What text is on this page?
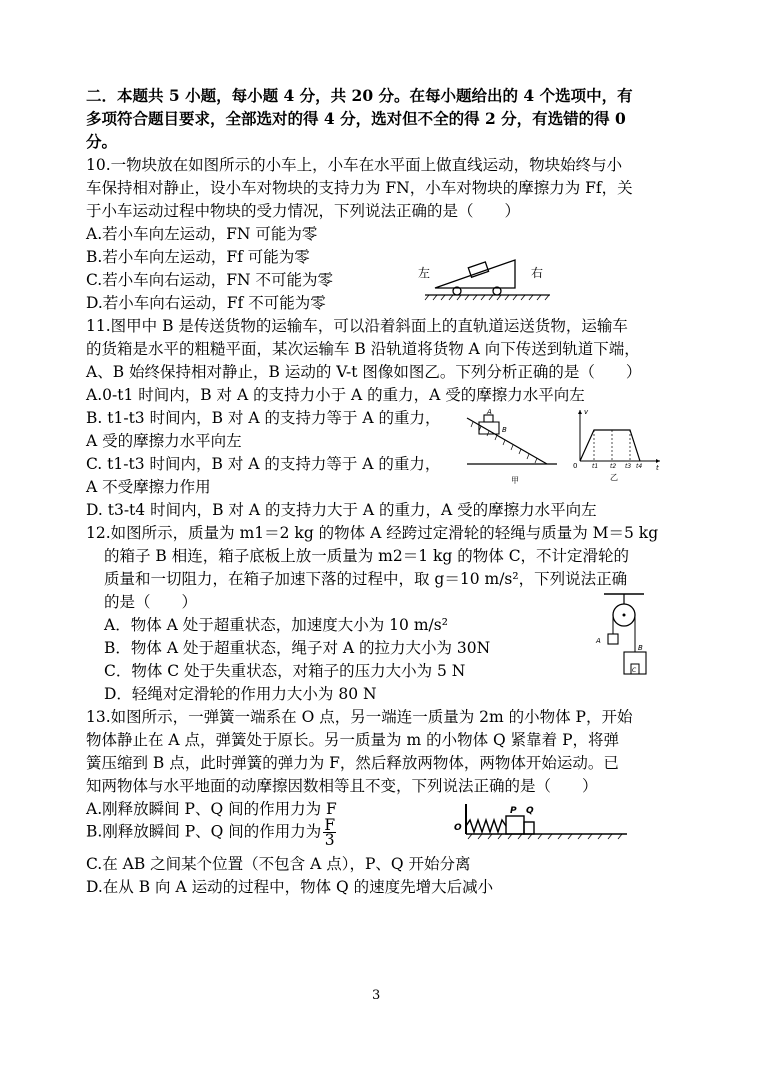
二．本题共 5 小题，每小题 4 分，共 20 分。在每小题给出的 4 个选项中，有
多项符合题目要求，全部选对的得 4 分，选对但不全的得 2 分，有选错的得 0
分。
10.一物块放在如图所示的小车上，小车在水平面上做直线运动，物块始终与小
车保持相对静止，设小车对物块的支持力为 FN，小车对物块的摩擦力为 Ff，关
于小车运动过程中物块的受力情况，下列说法正确的是（　　）
A.若小车向左运动，FN 可能为零
B.若小车向左运动，Ff 可能为零
C.若小车向右运动，FN 不可能为零
D.若小车向右运动，Ff 不可能为零
左	右
11.图甲中 B 是传送货物的运输车，可以沿着斜面上的直轨道运送货物，运输车
的货箱是水平的粗糙平面，某次运输车 B 沿轨道将货物 A 向下传送到轨道下端，
A、B 始终保持相对静止，B 运动的 V-t 图像如图乙。下列分析正确的是（　　）
A.0-t1 时间内，B 对 A 的支持力小于 A 的重力，A 受的摩擦力水平向左
B. t1-t3 时间内，B 对 A 的支持力等于 A 的重力，
A 受的摩擦力水平向左
C. t1-t3 时间内，B 对 A 的支持力等于 A 的重力，
A 不受摩擦力作用
D. t3-t4 时间内，B 对 A 的支持力大于 A 的重力，A 受的摩擦力水平向左
A
B
甲
v
t
0 t1 t2 t3 t4
乙
12.如图所示，质量为 m1＝2 kg 的物体 A 经跨过定滑轮的轻绳与质量为 M＝5 kg
的箱子 B 相连，箱子底板上放一质量为 m2＝1 kg 的物体 C，不计定滑轮的
质量和一切阻力，在箱子加速下落的过程中，取 g＝10 m/s²，下列说法正确
的是（　　）
A．物体 A 处于超重状态，加速度大小为 10 m/s²
B．物体 A 处于超重状态，绳子对 A 的拉力大小为 30N
C．物体 C 处于失重状态，对箱子的压力大小为 5 N
D．轻绳对定滑轮的作用力大小为 80 N
A
B
C
13.如图所示，一弹簧一端系在 O 点，另一端连一质量为 2m 的小物体 P，开始
物体静止在 A 点，弹簧处于原长。另一质量为 m 的小物体 Q 紧靠着 P，将弹
簧压缩到 B 点，此时弹簧的弹力为 F，然后释放两物体，两物体开始运动。已
知两物体与水平地面的动摩擦因数相等且不变，下列说法正确的是（　　）
A.刚释放瞬间 P、Q 间的作用力为 F
B.刚释放瞬间 P、Q 间的作用力为 $\frac{F}{3}$
C.在 AB 之间某个位置（不包含 A 点），P、Q 开始分离
D.在从 B 向 A 运动的过程中，物体 Q 的速度先增大后减小
O
P Q
3
